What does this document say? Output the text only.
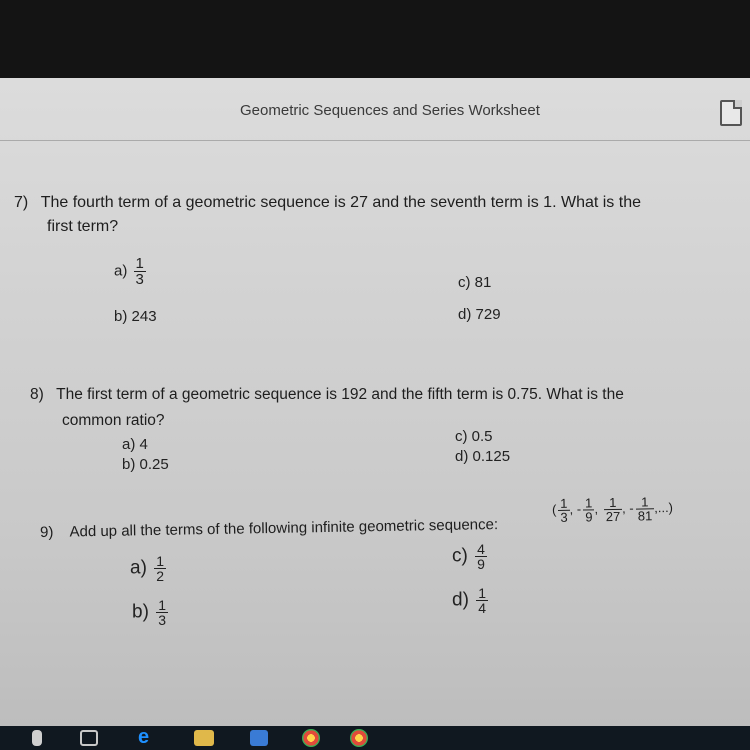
Geometric Sequences and Series Worksheet
7) The fourth term of a geometric sequence is 27 and the seventh term is 1. What is the
first term?
$a) \frac{1}{3}$
b) 243
c) 81
d) 729
8) The first term of a geometric sequence is 192 and the fifth term is 0.75. What is the
common ratio?
a) 4
b) 0.25
c) 0.5
d) 0.125
9) Add up all the terms of the following infinite geometric sequence:
( $\frac{1}{3}$ , - $\frac{1}{9}$ , $\frac{1}{27}$ , - $\frac{1}{81}$ ,...)
$a) \frac{1}{2}$
$b) \frac{1}{3}$
$c) \frac{4}{9}$
$d) \frac{1}{4}$
e
